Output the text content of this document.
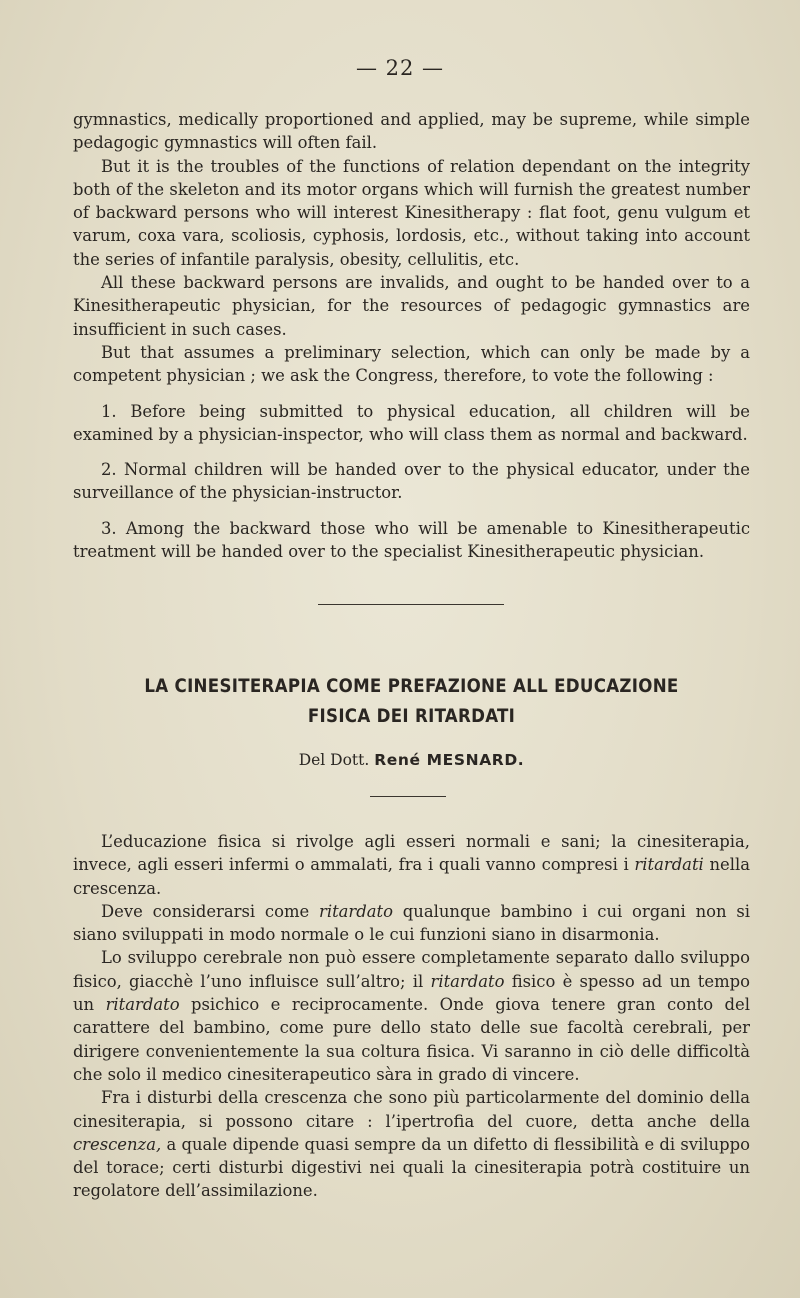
— 22 —

gymnastics, medically proportioned and applied, may be supreme, while simple pedagogic gymnastics will often fail.

But it is the troubles of the functions of relation dependant on the integrity both of the skeleton and its motor organs which will furnish the greatest number of backward persons who will interest Kinesitherapy : flat foot, genu vulgum et varum, coxa vara, scoliosis, cyphosis, lordosis, etc., without taking into account the series of infantile paralysis, obesity, cellulitis, etc.

All these backward persons are invalids, and ought to be handed over to a Kinesitherapeutic physician, for the resources of pedagogic gymnastics are insufficient in such cases.

But that assumes a preliminary selection, which can only be made by a competent physician ; we ask the Congress, therefore, to vote the following :

1. Before being submitted to physical education, all children will be examined by a physician-inspector, who will class them as normal and backward.

2. Normal children will be handed over to the physical educator, under the surveillance of the physician-instructor.

3. Among the backward those who will be amenable to Kinesitherapeutic treatment will be handed over to the specialist Kinesitherapeutic physician.

LA CINESITERAPIA COME PREFAZIONE ALL EDUCAZIONE
FISICA DEI RITARDATI
Del Dott. René MESNARD.

L’educazione fisica si rivolge agli esseri normali e sani; la cinesiterapia, invece, agli esseri infermi o ammalati, fra i quali vanno compresi i ritardati nella crescenza.

Deve considerarsi come ritardato qualunque bambino i cui organi non si siano sviluppati in modo normale o le cui funzioni siano in disarmonia.

Lo sviluppo cerebrale non può essere completamente separato dallo sviluppo fisico, giacchè l’uno influisce sull’altro; il ritardato fisico è spesso ad un tempo un ritardato psichico e reciprocamente. Onde giova tenere gran conto del carattere del bambino, come pure dello stato delle sue facoltà cerebrali, per dirigere convenientemente la sua coltura fisica. Vi saranno in ciò delle difficoltà che solo il medico cinesiterapeutico sàra in grado di vincere.

Fra i disturbi della crescenza che sono più particolarmente del dominio della cinesiterapia, si possono citare : l’ipertrofia del cuore, detta anche della crescenza, a quale dipende quasi sempre da un difetto di flessibilità e di sviluppo del torace; certi disturbi digestivi nei quali la cinesiterapia potrà costituire un regolatore dell’assimilazione.
